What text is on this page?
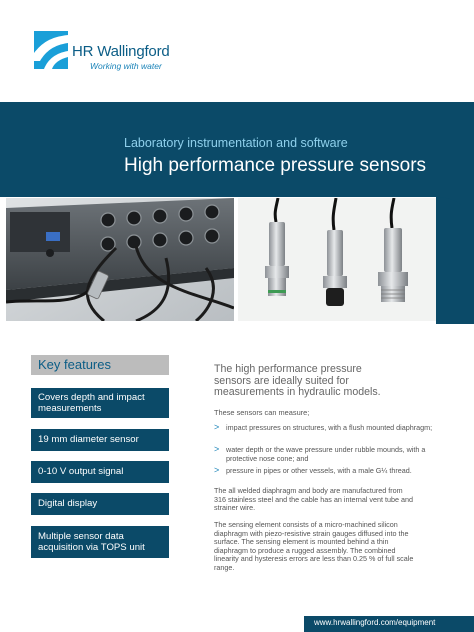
HR Wallingford
Working with water
Laboratory instrumentation and software
High performance pressure sensors
Key features
Covers depth and impact measurements
19 mm diameter sensor
0-10 V output signal
Digital display
Multiple sensor data acquisition via TOPS unit
The high performance pressure sensors are ideally suited for measurements in hydraulic models.
These sensors can measure;
> impact pressures on structures, with a flush mounted diaphragm;
> water depth or the wave pressure under rubble mounds, with a protective nose cone; and
> pressure in pipes or other vessels, with a male G¼ thread.
The all welded diaphragm and body are manufactured from 316 stainless steel and the cable has an internal vent tube and strainer wire.
The sensing element consists of a micro-machined silicon diaphragm with piezo-resistive strain gauges diffused into the surface. The sensing element is mounted behind a thin diaphragm to produce a rugged assembly. The combined linearity and hysteresis errors are less than 0.25 % of full scale range.
www.hrwallingford.com/equipment
